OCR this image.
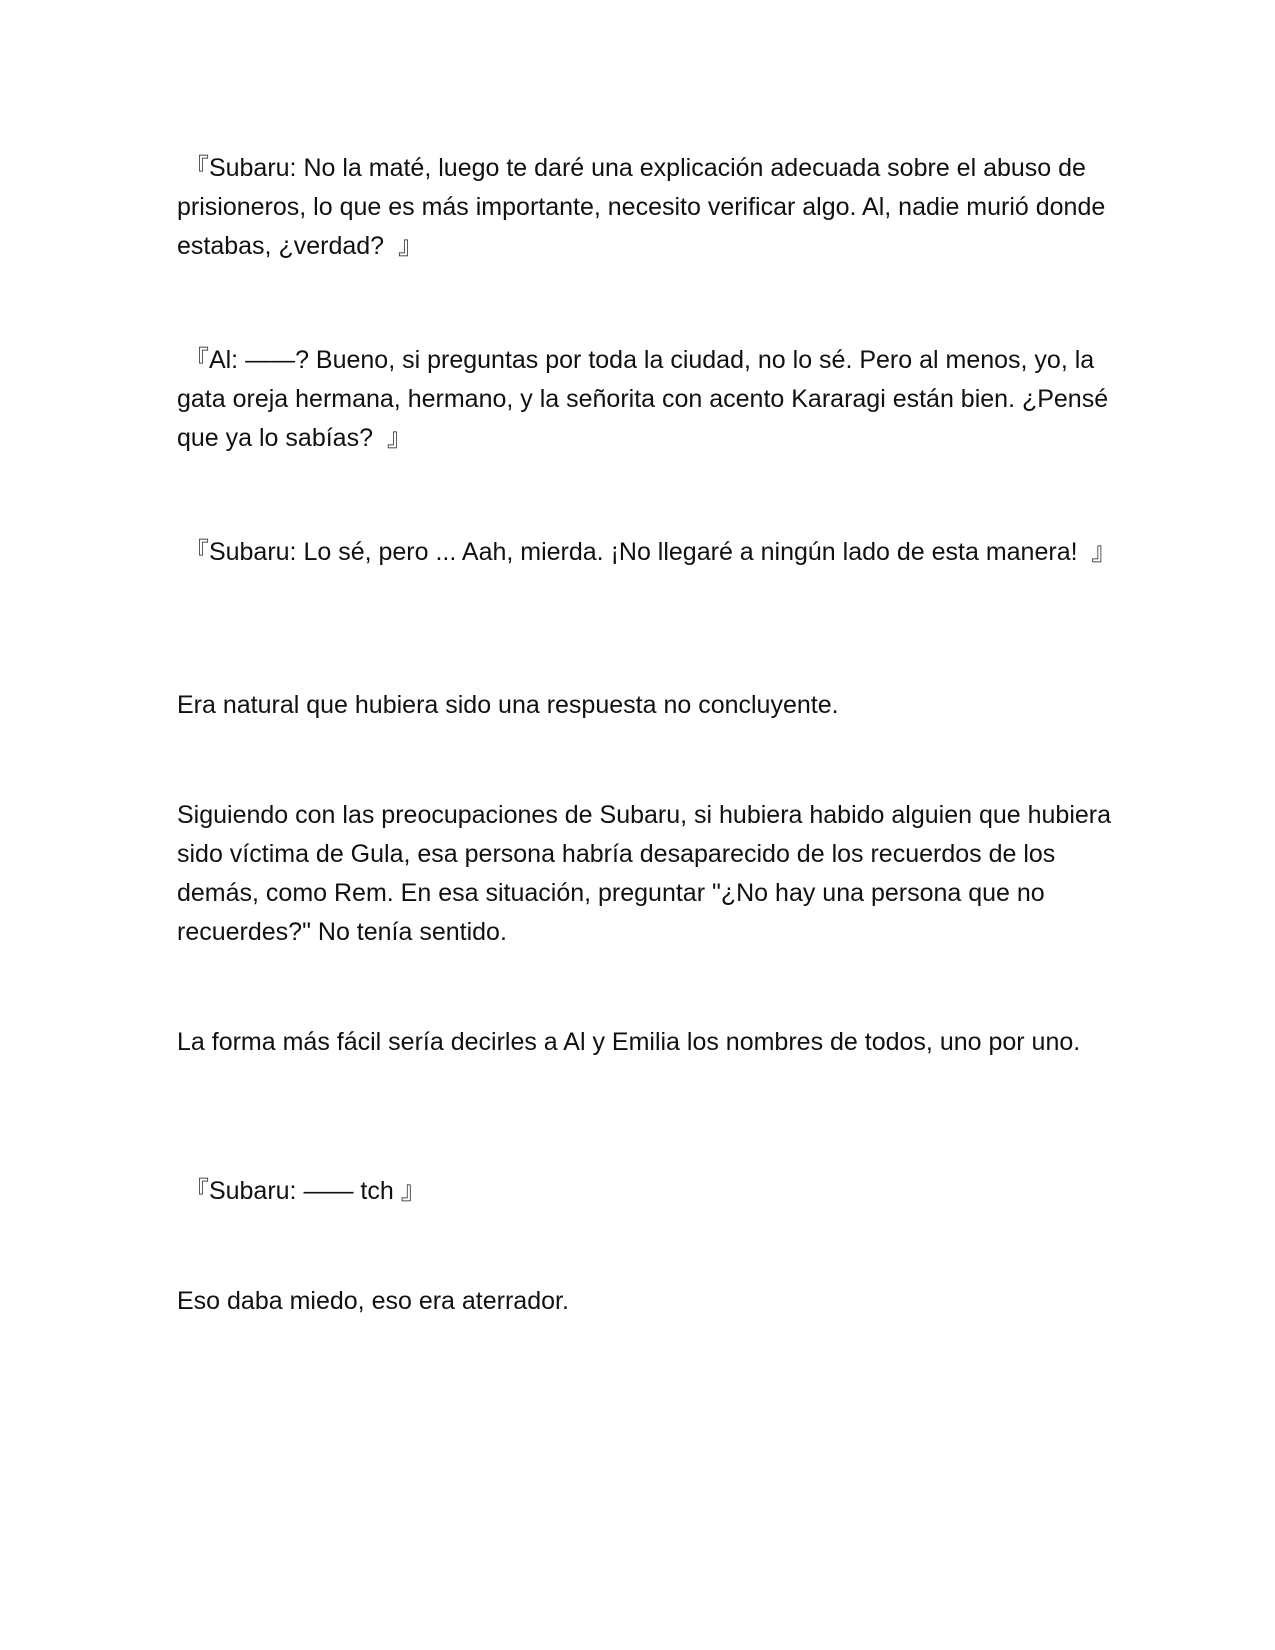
『Subaru: No la maté, luego te daré una explicación adecuada sobre el abuso de prisioneros, lo que es más importante, necesito verificar algo. Al, nadie murió donde estabas, ¿verdad?  』

『Al: ——? Bueno, si preguntas por toda la ciudad, no lo sé. Pero al menos, yo, la gata oreja hermana, hermano, y la señorita con acento Kararagi están bien. ¿Pensé que ya lo sabías?  』

『Subaru: Lo sé, pero ... Aah, mierda. ¡No llegaré a ningún lado de esta manera!  』

Era natural que hubiera sido una respuesta no concluyente.

Siguiendo con las preocupaciones de Subaru, si hubiera habido alguien que hubiera sido víctima de Gula, esa persona habría desaparecido de los recuerdos de los demás, como Rem. En esa situación, preguntar "¿No hay una persona que no recuerdes?" No tenía sentido.

La forma más fácil sería decirles a Al y Emilia los nombres de todos, uno por uno.

『Subaru: —— tch 』

Eso daba miedo, eso era aterrador.
